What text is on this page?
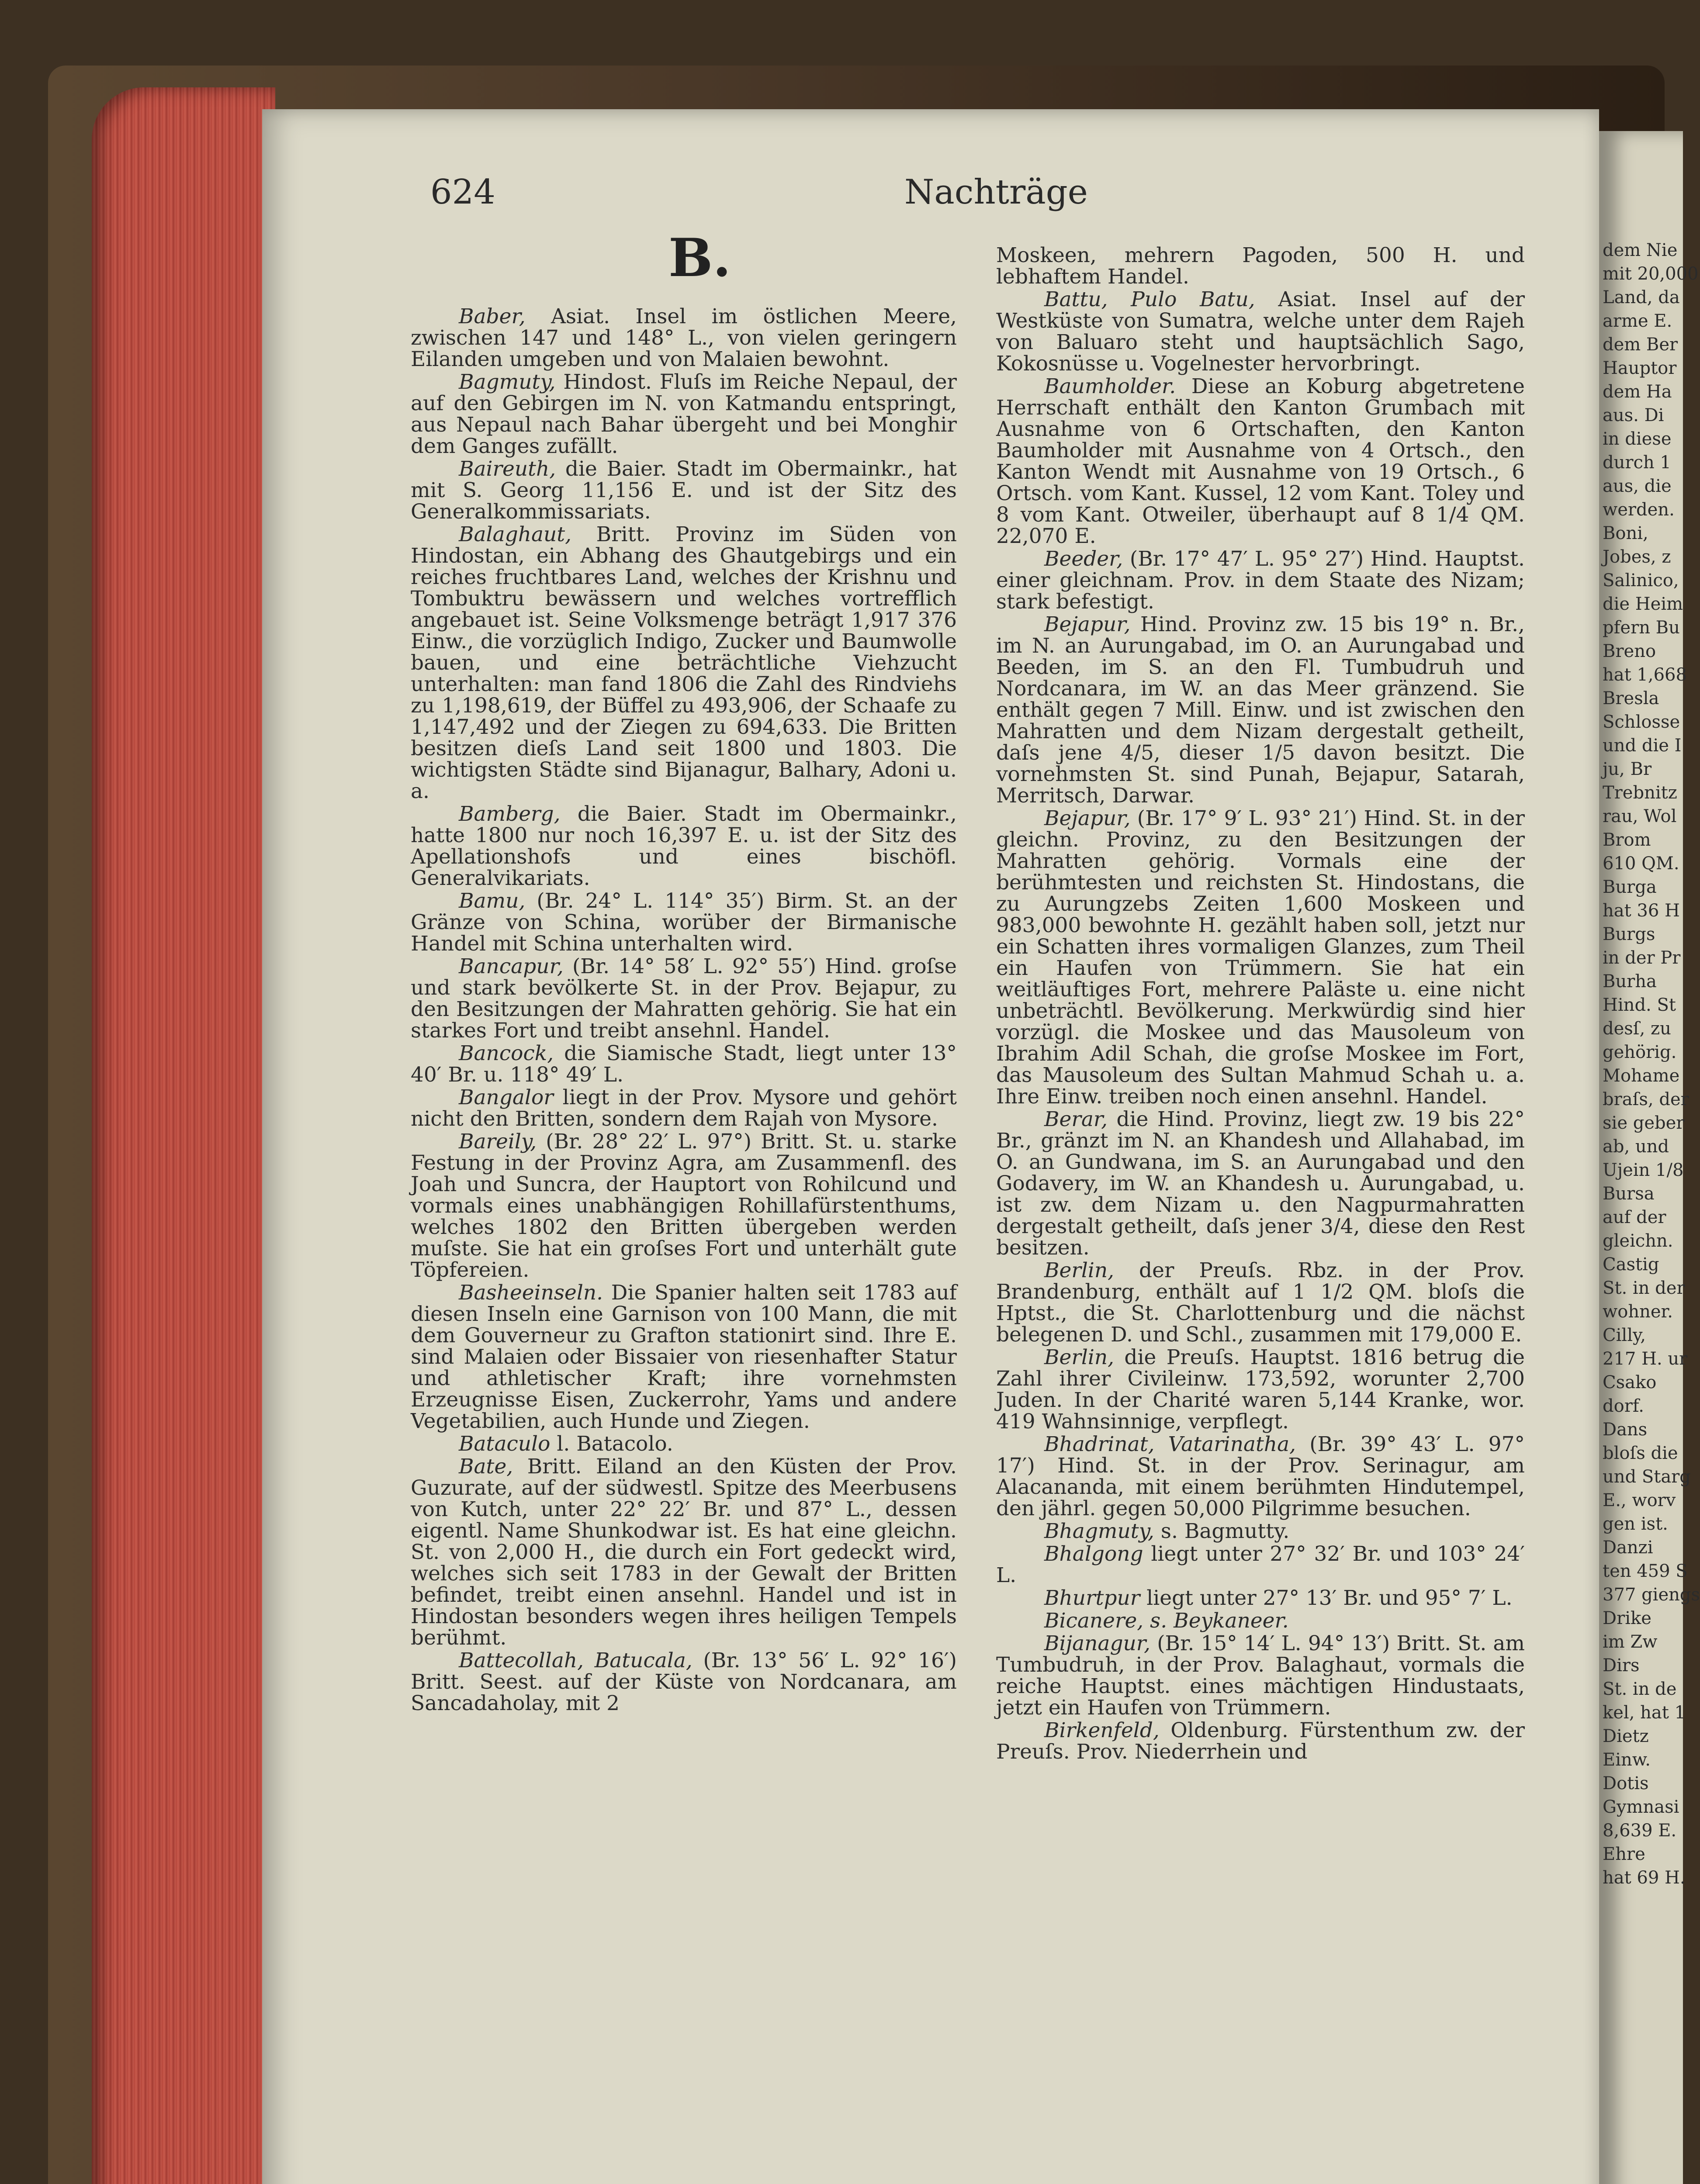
dem Nie
mit 20,000
Land, da
arme E.
dem Ber
Hauptor
dem Ha
aus. Di
in diese
durch 1
aus, die
werden.
Boni,
Jobes, z
Salinico,
die Heim
pfern Bu
Breno
hat 1,668
Bresla
Schlosse
und die I
ju, Br
Trebnitz
rau, Wol
Brom
610 QM.
Burga
hat 36 H
Burgs
in der Pr
Burha
Hind. St
desſ, zu
gehörig.
Mohame
braſs, der
sie geber
ab, und
Ujein 1/8
Bursa
auf der
gleichn.
Castig
St. in der
wohner.
Cilly,
217 H. ur
Csako
dorf.
Dans
bloſs die
und Starg
E., worv
gen ist.
Danzi
ten 459 S
377 giengs
Drike
im Zw
Dirs
St. in de
kel, hat 1
Dietz
Einw.
Dotis
Gymnasi
8,639 E.
Ehre
hat 69 H.
624	Nachträge
B.

Baber, Asiat. Insel im östlichen Meere, zwischen 147 und 148° L., von vielen geringern Eilanden umgeben und von Malaien bewohnt.

Bagmuty, Hindost. Fluſs im Reiche Nepaul, der auf den Gebirgen im N. von Katmandu entspringt, aus Nepaul nach Bahar übergeht und bei Monghir dem Ganges zufällt.

Baireuth, die Baier. Stadt im Obermainkr., hat mit S. Georg 11,156 E. und ist der Sitz des Generalkommissariats.

Balaghaut, Britt. Provinz im Süden von Hindostan, ein Abhang des Ghautgebirgs und ein reiches fruchtbares Land, welches der Krishnu und Tombuktru bewässern und welches vortrefflich angebauet ist. Seine Volksmenge beträgt 1,917 376 Einw., die vorzüglich Indigo, Zucker und Baumwolle bauen, und eine beträchtliche Viehzucht unterhalten: man fand 1806 die Zahl des Rindviehs zu 1,198,619, der Büffel zu 493,906, der Schaafe zu 1,147,492 und der Ziegen zu 694,633. Die Britten besitzen dieſs Land seit 1800 und 1803. Die wichtigsten Städte sind Bijanagur, Balhary, Adoni u. a.

Bamberg, die Baier. Stadt im Obermainkr., hatte 1800 nur noch 16,397 E. u. ist der Sitz des Apellationshofs und eines bischöfl. Generalvikariats.

Bamu, (Br. 24° L. 114° 35′) Birm. St. an der Gränze von Schina, worüber der Birmanische Handel mit Schina unterhalten wird.

Bancapur, (Br. 14° 58′ L. 92° 55′) Hind. groſse und stark bevölkerte St. in der Prov. Bejapur, zu den Besitzungen der Mahratten gehörig. Sie hat ein starkes Fort und treibt ansehnl. Handel.

Bancock, die Siamische Stadt, liegt unter 13° 40′ Br. u. 118° 49′ L.

Bangalor liegt in der Prov. Mysore und gehört nicht den Britten, sondern dem Rajah von Mysore.

Bareily, (Br. 28° 22′ L. 97°) Britt. St. u. starke Festung in der Provinz Agra, am Zusammenfl. des Joah und Suncra, der Hauptort von Rohilcund und vormals eines unabhängigen Rohillafürstenthums, welches 1802 den Britten übergeben werden muſste. Sie hat ein groſses Fort und unterhält gute Töpfereien.

Basheeinseln. Die Spanier halten seit 1783 auf diesen Inseln eine Garnison von 100 Mann, die mit dem Gouverneur zu Grafton stationirt sind. Ihre E. sind Malaien oder Bissaier von riesenhafter Statur und athletischer Kraft; ihre vornehmsten Erzeugnisse Eisen, Zuckerrohr, Yams und andere Vegetabilien, auch Hunde und Ziegen.

Bataculo l. Batacolo.

Bate, Britt. Eiland an den Küsten der Prov. Guzurate, auf der südwestl. Spitze des Meerbusens von Kutch, unter 22° 22′ Br. und 87° L., dessen eigentl. Name Shunkodwar ist. Es hat eine gleichn. St. von 2,000 H., die durch ein Fort gedeckt wird, welches sich seit 1783 in der Gewalt der Britten befindet, treibt einen ansehnl. Handel und ist in Hindostan besonders wegen ihres heiligen Tempels berühmt.

Battecollah, Batucala, (Br. 13° 56′ L. 92° 16′) Britt. Seest. auf der Küste von Nordcanara, am Sancadaholay, mit 2

Moskeen, mehrern Pagoden, 500 H. und lebhaftem Handel.

Battu, Pulo Batu, Asiat. Insel auf der Westküste von Sumatra, welche unter dem Rajeh von Baluaro steht und hauptsächlich Sago, Kokosnüsse u. Vogelnester hervorbringt.

Baumholder. Diese an Koburg abgetretene Herrschaft enthält den Kanton Grumbach mit Ausnahme von 6 Ortschaften, den Kanton Baumholder mit Ausnahme von 4 Ortsch., den Kanton Wendt mit Ausnahme von 19 Ortsch., 6 Ortsch. vom Kant. Kussel, 12 vom Kant. Toley und 8 vom Kant. Otweiler, überhaupt auf 8 1/4 QM. 22,070 E.

Beeder, (Br. 17° 47′ L. 95° 27′) Hind. Hauptst. einer gleichnam. Prov. in dem Staate des Nizam; stark befestigt.

Bejapur, Hind. Provinz zw. 15 bis 19° n. Br., im N. an Aurungabad, im O. an Aurungabad und Beeden, im S. an den Fl. Tumbudruh und Nordcanara, im W. an das Meer gränzend. Sie enthält gegen 7 Mill. Einw. und ist zwischen den Mahratten und dem Nizam dergestalt getheilt, daſs jene 4/5, dieser 1/5 davon besitzt. Die vornehmsten St. sind Punah, Bejapur, Satarah, Merritsch, Darwar.

Bejapur, (Br. 17° 9′ L. 93° 21′) Hind. St. in der gleichn. Provinz, zu den Besitzungen der Mahratten gehörig. Vormals eine der berühmtesten und reichsten St. Hindostans, die zu Aurungzebs Zeiten 1,600 Moskeen und 983,000 bewohnte H. gezählt haben soll, jetzt nur ein Schatten ihres vormaligen Glanzes, zum Theil ein Haufen von Trümmern. Sie hat ein weitläuftiges Fort, mehrere Paläste u. eine nicht unbeträchtl. Bevölkerung. Merkwürdig sind hier vorzügl. die Moskee und das Mausoleum von Ibrahim Adil Schah, die groſse Moskee im Fort, das Mausoleum des Sultan Mahmud Schah u. a. Ihre Einw. treiben noch einen ansehnl. Handel.

Berar, die Hind. Provinz, liegt zw. 19 bis 22° Br., gränzt im N. an Khandesh und Allahabad, im O. an Gundwana, im S. an Aurungabad und den Godavery, im W. an Khandesh u. Aurungabad, u. ist zw. dem Nizam u. den Nagpurmahratten dergestalt getheilt, daſs jener 3/4, diese den Rest besitzen.

Berlin, der Preuſs. Rbz. in der Prov. Brandenburg, enthält auf 1 1/2 QM. bloſs die Hptst., die St. Charlottenburg und die nächst belegenen D. und Schl., zusammen mit 179,000 E.

Berlin, die Preuſs. Hauptst. 1816 betrug die Zahl ihrer Civileinw. 173,592, worunter 2,700 Juden. In der Charité waren 5,144 Kranke, wor. 419 Wahnsinnige, verpflegt.

Bhadrinat, Vatarinatha, (Br. 39° 43′ L. 97° 17′) Hind. St. in der Prov. Serinagur, am Alacananda, mit einem berühmten Hindutempel, den jährl. gegen 50,000 Pilgrimme besuchen.

Bhagmuty, s. Bagmutty.

Bhalgong liegt unter 27° 32′ Br. und 103° 24′ L.

Bhurtpur liegt unter 27° 13′ Br. und 95° 7′ L.

Bicanere, s. Beykaneer.

Bijanagur, (Br. 15° 14′ L. 94° 13′) Britt. St. am Tumbudruh, in der Prov. Balaghaut, vormals die reiche Hauptst. eines mächtigen Hindustaats, jetzt ein Haufen von Trümmern.

Birkenfeld, Oldenburg. Fürstenthum zw. der Preuſs. Prov. Niederrhein und
